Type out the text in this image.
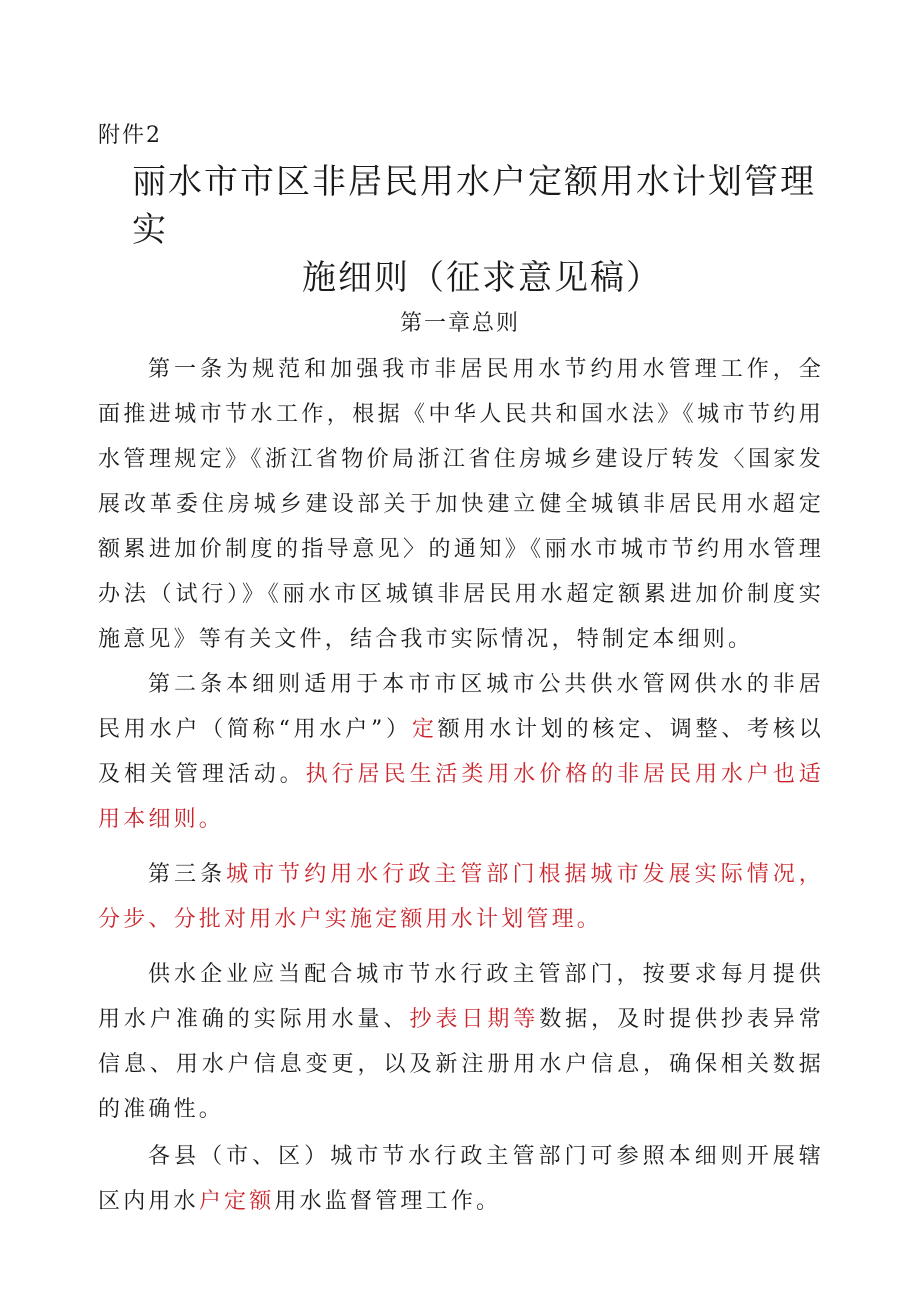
附件2
丽水市市区非居民用水户定额用水计划管理实
施细则（征求意见稿）
第一章总则

第一条为规范和加强我市非居民用水节约用水管理工作，全面推进城市节水工作，根据《中华人民共和国水法》《城市节约用水管理规定》《浙江省物价局浙江省住房城乡建设厅转发〈国家发展改革委住房城乡建设部关于加快建立健全城镇非居民用水超定额累进加价制度的指导意见〉的通知》《丽水市城市节约用水管理办法（试行）》《丽水市区城镇非居民用水超定额累进加价制度实施意见》等有关文件，结合我市实际情况，特制定本细则。

第二条本细则适用于本市市区城市公共供水管网供水的非居民用水户（简称“用水户”）定额用水计划的核定、调整、考核以及相关管理活动。执行居民生活类用水价格的非居民用水户也适用本细则。

第三条城市节约用水行政主管部门根据城市发展实际情况，分步、分批对用水户实施定额用水计划管理。

供水企业应当配合城市节水行政主管部门，按要求每月提供用水户准确的实际用水量、抄表日期等数据，及时提供抄表异常信息、用水户信息变更，以及新注册用水户信息，确保相关数据的准确性。

各县（市、区）城市节水行政主管部门可参照本细则开展辖区内用水户定额用水监督管理工作。
